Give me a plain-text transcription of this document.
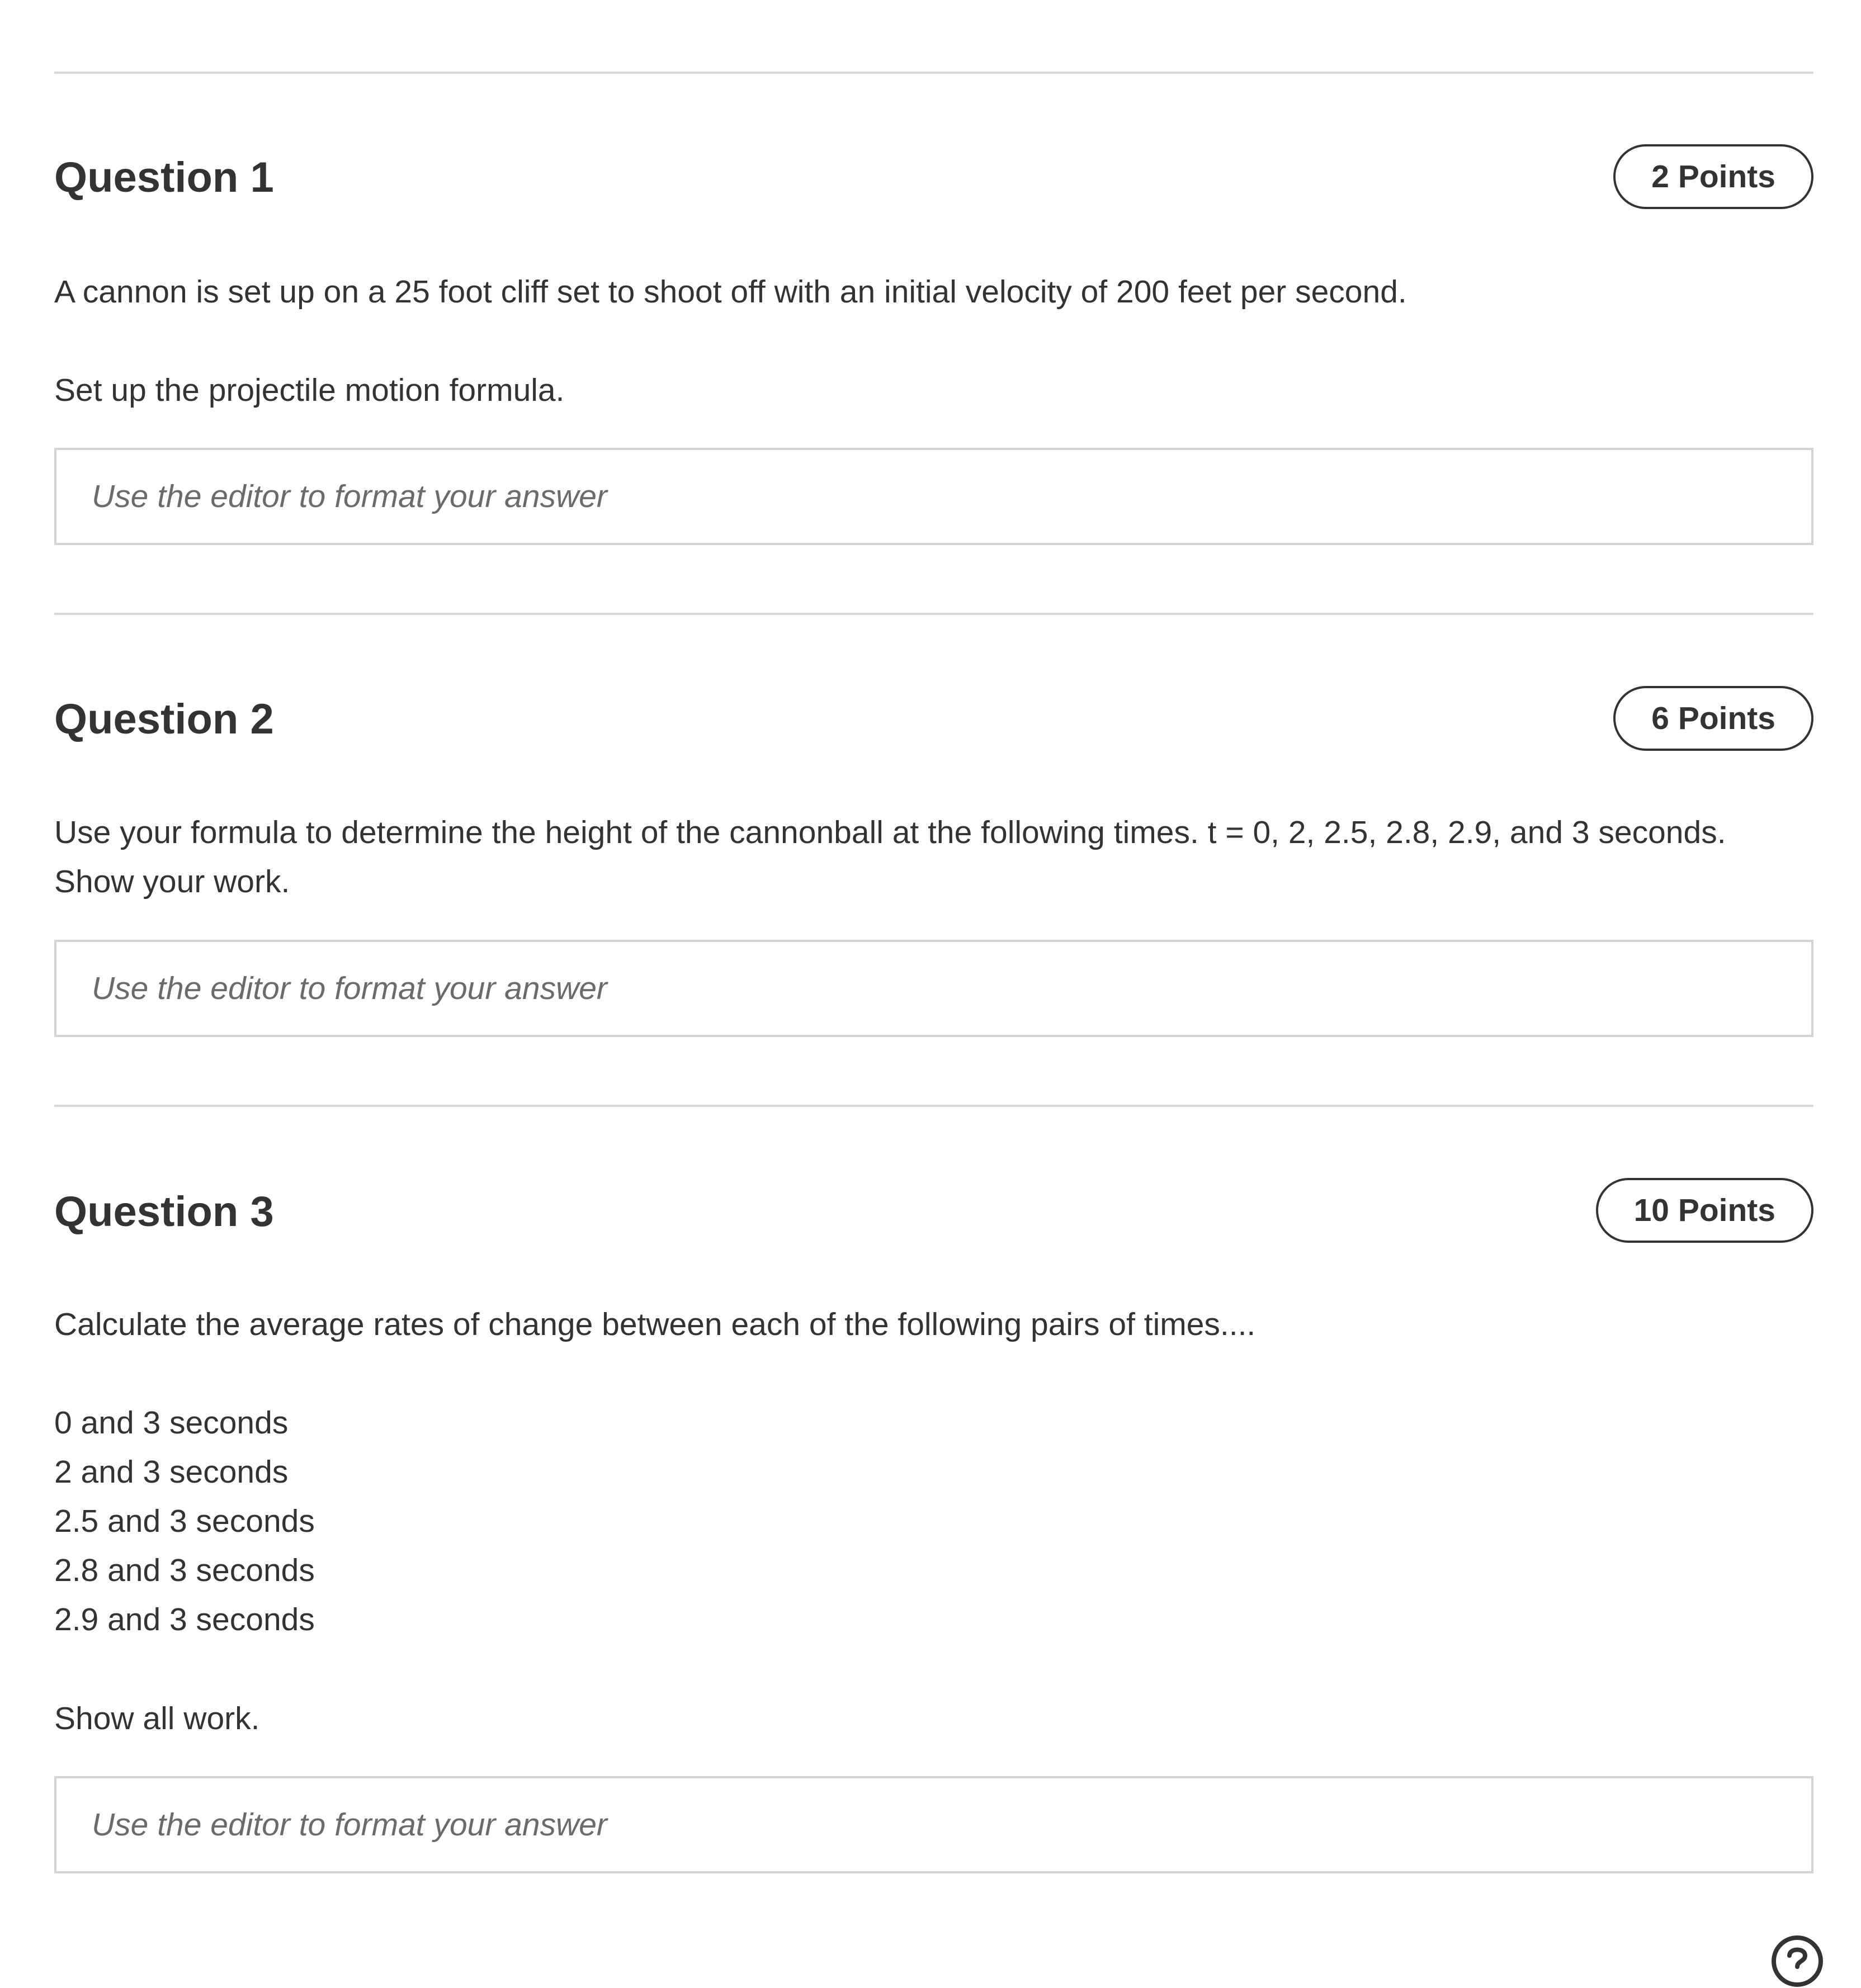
Question 1	2 Points

A cannon is set up on a 25 foot cliff set to shoot off with an initial velocity of 200 feet per second.

Set up the projectile motion formula.

Use the editor to format your answer
Question 2	6 Points

Use your formula to determine the height of the cannonball at the following times. t = 0, 2, 2.5, 2.8, 2.9, and 3 seconds.

Show your work.

Use the editor to format your answer
Question 3	10 Points

Calculate the average rates of change between each of the following pairs of times....

0 and 3 seconds
2 and 3 seconds
2.5 and 3 seconds
2.8 and 3 seconds
2.9 and 3 seconds

Show all work.

Use the editor to format your answer
